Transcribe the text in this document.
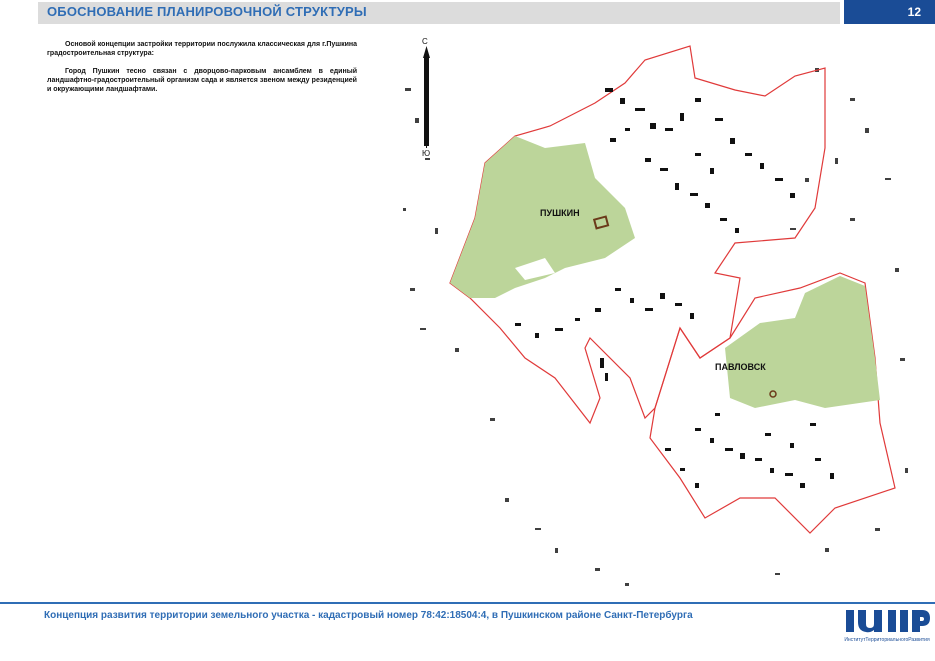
ОБОСНОВАНИЕ ПЛАНИРОВОЧНОЙ СТРУКТУРЫ	12

Основой концепции застройки территории послужила классическая для г.Пушкина градостроительная структура:

Город Пушкин тесно связан с дворцово-парковым ансамблем в единый ландшафтно-градостроительный организм сада и является звеном между резиденцией и окружающими ландшафтами.

ПУШКИН
ПАВЛОВСК
С
Ю
Концепция развития территории земельного участка - кадастровый номер 78:42:18504:4, в Пушкинском районе Санкт-Петербурга
ИнститутТерриториальногоРазвития
